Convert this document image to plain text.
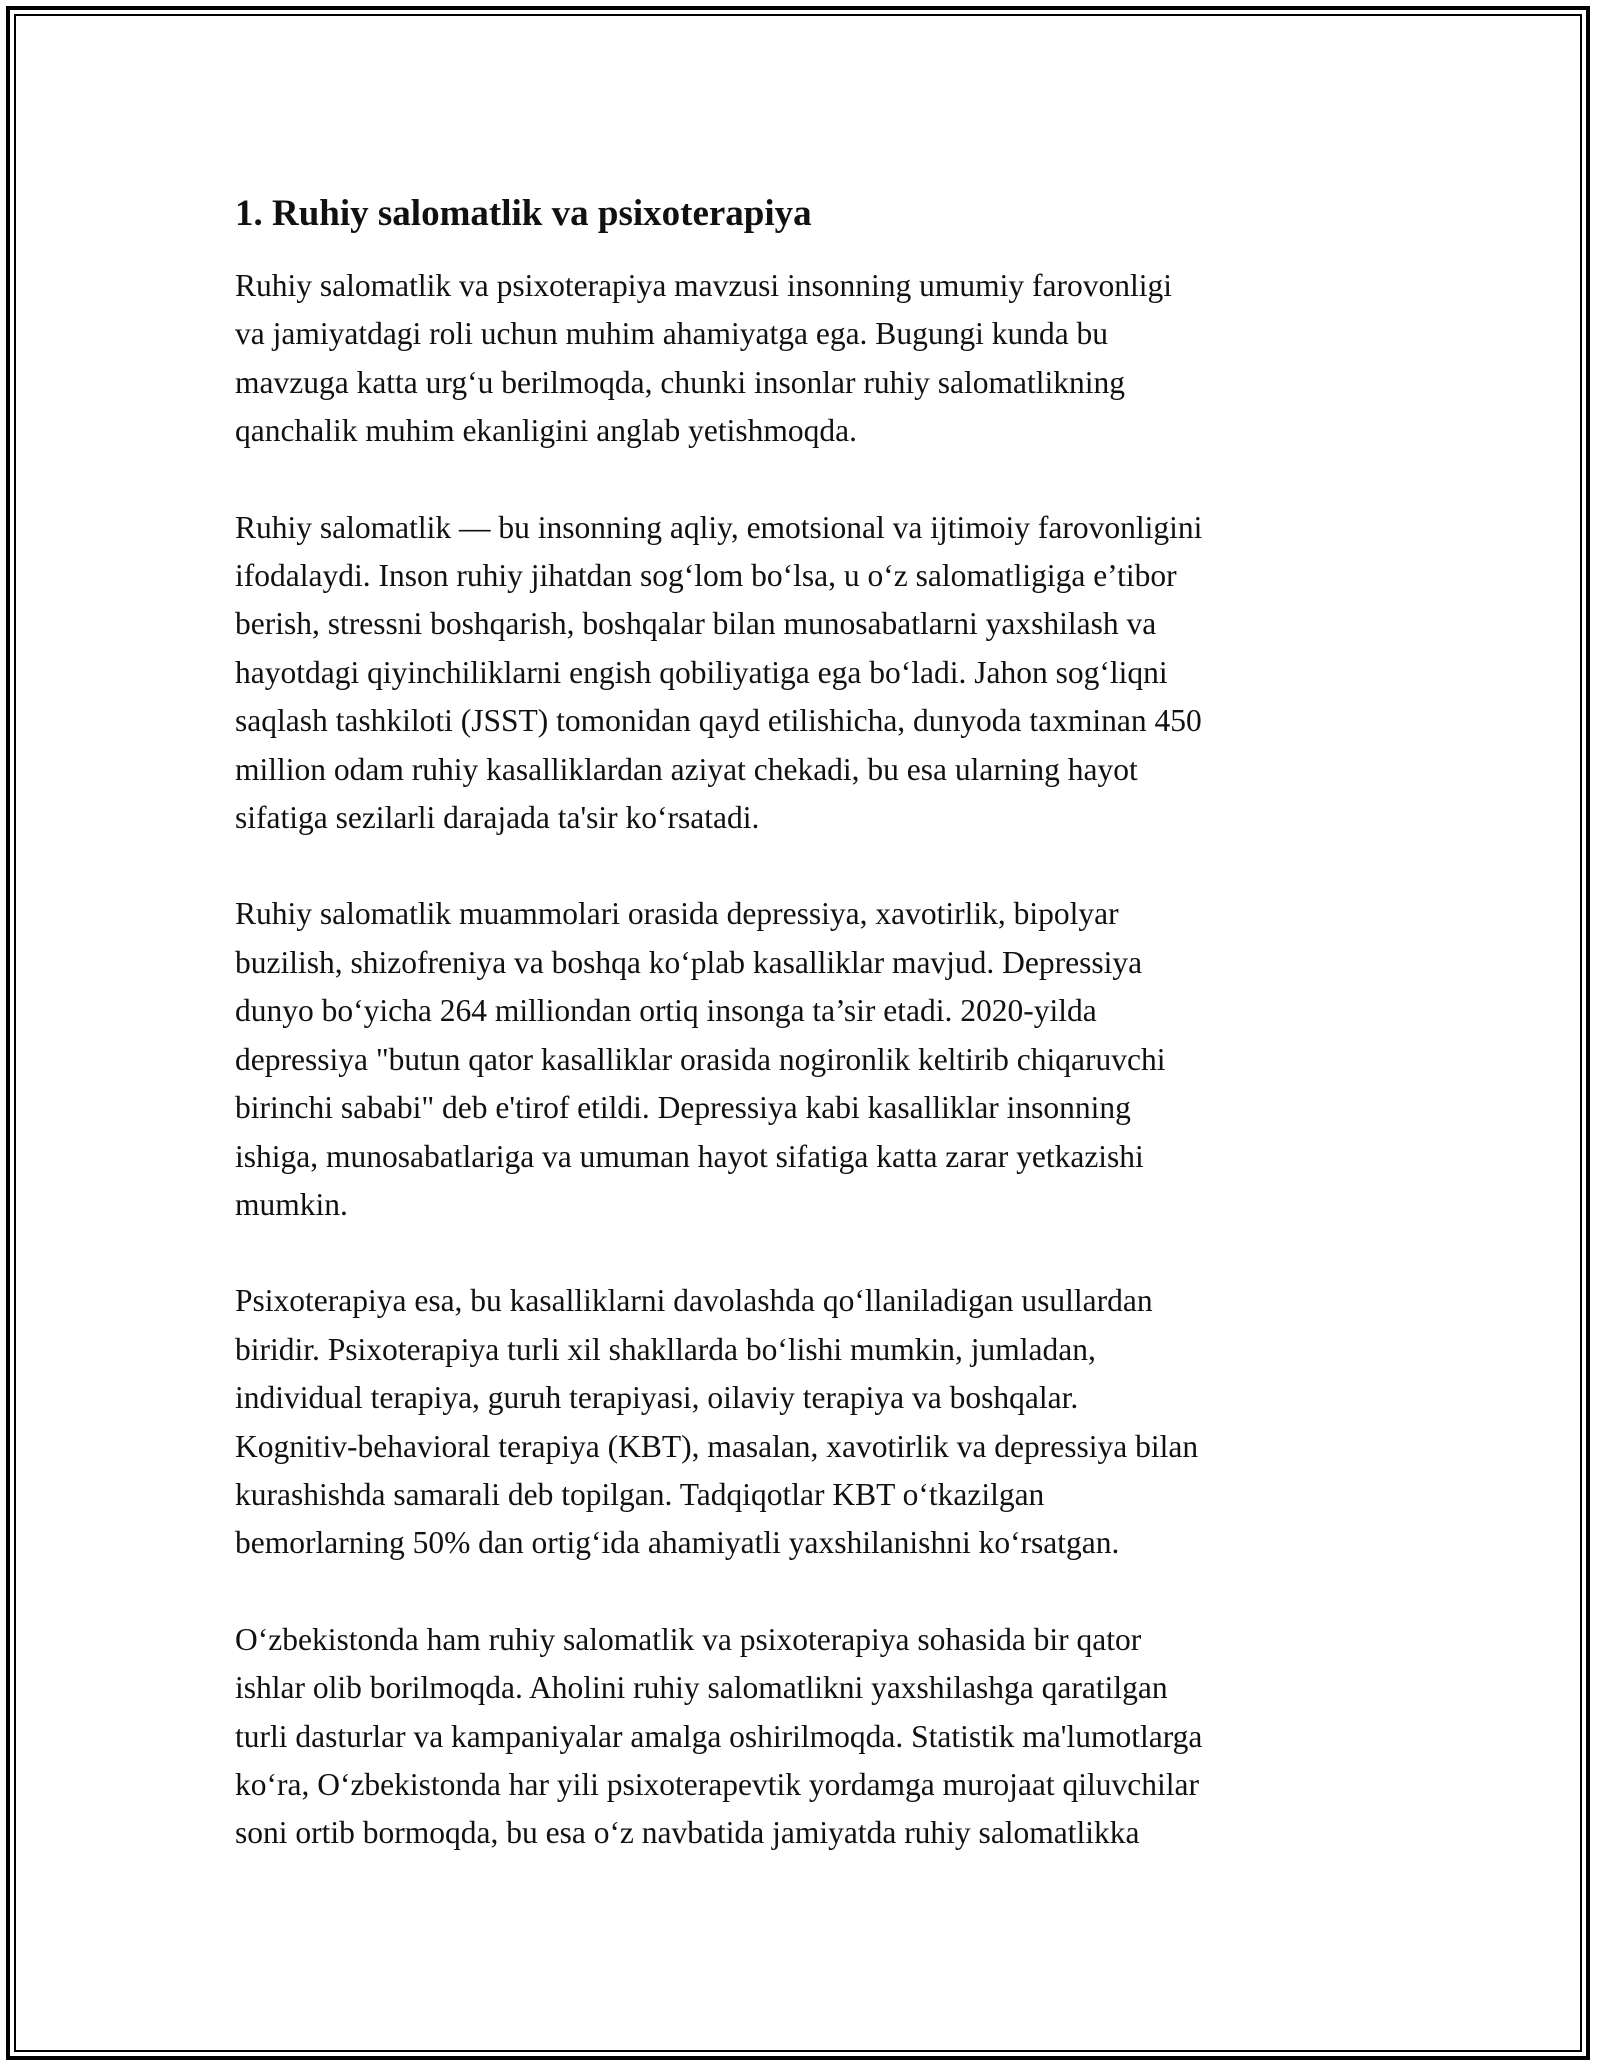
1. Ruhiy salomatlik va psixoterapiya

Ruhiy salomatlik va psixoterapiya mavzusi insonning umumiy farovonligi
va jamiyatdagi roli uchun muhim ahamiyatga ega. Bugungi kunda bu
mavzuga katta urg‘u berilmoqda, chunki insonlar ruhiy salomatlikning
qanchalik muhim ekanligini anglab yetishmoqda.

Ruhiy salomatlik — bu insonning aqliy, emotsional va ijtimoiy farovonligini
ifodalaydi. Inson ruhiy jihatdan sog‘lom bo‘lsa, u o‘z salomatligiga e’tibor
berish, stressni boshqarish, boshqalar bilan munosabatlarni yaxshilash va
hayotdagi qiyinchiliklarni engish qobiliyatiga ega bo‘ladi. Jahon sog‘liqni
saqlash tashkiloti (JSST) tomonidan qayd etilishicha, dunyoda taxminan 450
million odam ruhiy kasalliklardan aziyat chekadi, bu esa ularning hayot
sifatiga sezilarli darajada ta'sir ko‘rsatadi.

Ruhiy salomatlik muammolari orasida depressiya, xavotirlik, bipolyar
buzilish, shizofreniya va boshqa ko‘plab kasalliklar mavjud. Depressiya
dunyo bo‘yicha 264 milliondan ortiq insonga ta’sir etadi. 2020-yilda
depressiya "butun qator kasalliklar orasida nogironlik keltirib chiqaruvchi
birinchi sababi" deb e'tirof etildi. Depressiya kabi kasalliklar insonning
ishiga, munosabatlariga va umuman hayot sifatiga katta zarar yetkazishi
mumkin.

Psixoterapiya esa, bu kasalliklarni davolashda qo‘llaniladigan usullardan
biridir. Psixoterapiya turli xil shakllarda bo‘lishi mumkin, jumladan,
individual terapiya, guruh terapiyasi, oilaviy terapiya va boshqalar.
Kognitiv-behavioral terapiya (KBT), masalan, xavotirlik va depressiya bilan
kurashishda samarali deb topilgan. Tadqiqotlar KBT o‘tkazilgan
bemorlarning 50% dan ortig‘ida ahamiyatli yaxshilanishni ko‘rsatgan.

O‘zbekistonda ham ruhiy salomatlik va psixoterapiya sohasida bir qator
ishlar olib borilmoqda. Aholini ruhiy salomatlikni yaxshilashga qaratilgan
turli dasturlar va kampaniyalar amalga oshirilmoqda. Statistik ma'lumotlarga
ko‘ra, O‘zbekistonda har yili psixoterapevtik yordamga murojaat qiluvchilar
soni ortib bormoqda, bu esa o‘z navbatida jamiyatda ruhiy salomatlikka
